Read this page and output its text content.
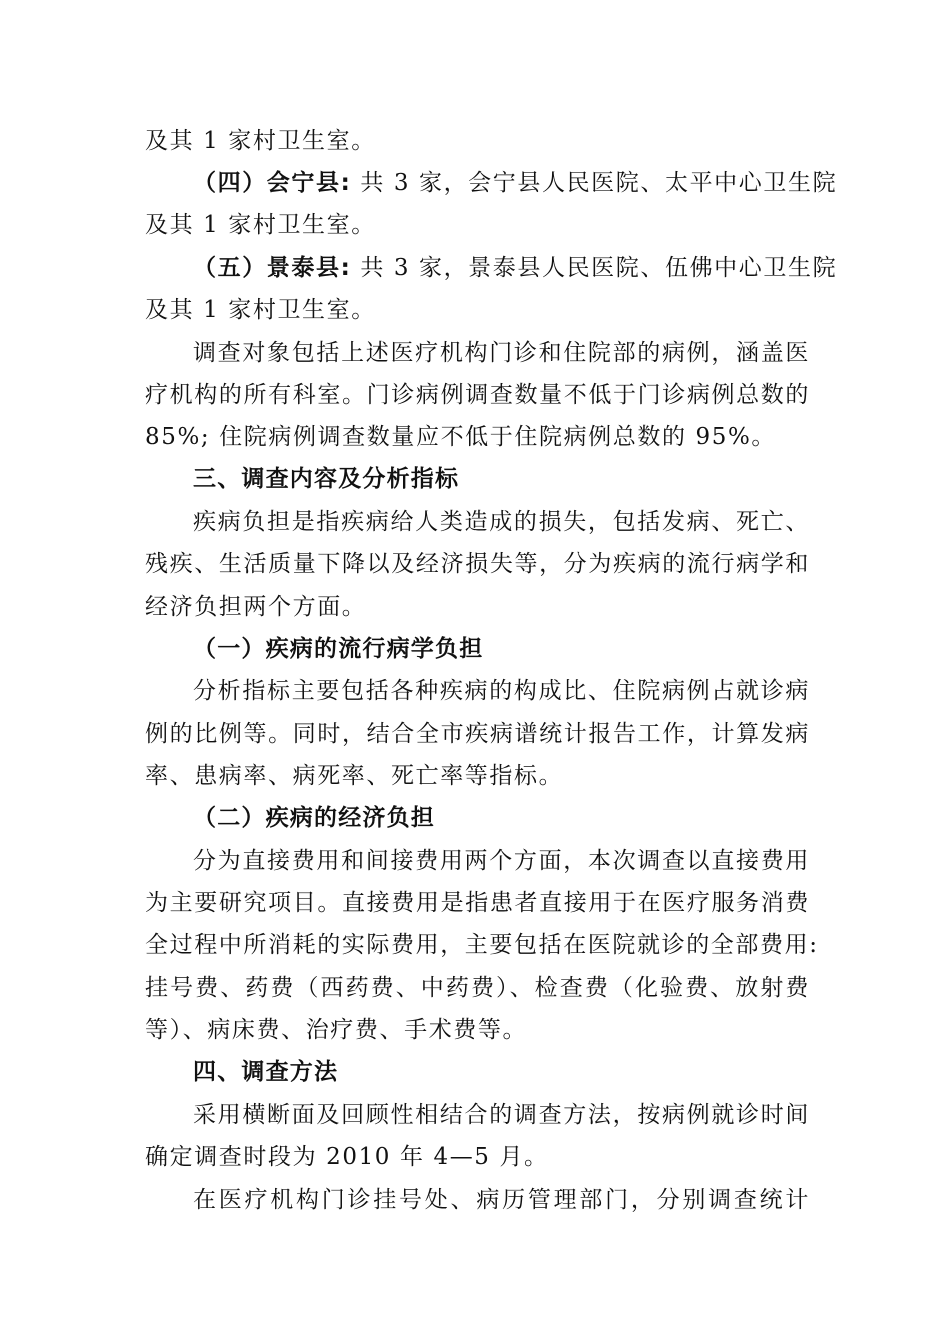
及其 1 家村卫生室。
（四）会宁县: 共 3 家，会宁县人民医院、太平中心卫生院
及其 1 家村卫生室。
（五）景泰县: 共 3 家，景泰县人民医院、伍佛中心卫生院
及其 1 家村卫生室。
调查对象包括上述医疗机构门诊和住院部的病例，涵盖医
疗机构的所有科室。门诊病例调查数量不低于门诊病例总数的
85%; 住院病例调查数量应不低于住院病例总数的 95%。
三、调查内容及分析指标
疾病负担是指疾病给人类造成的损失，包括发病、死亡、
残疾、生活质量下降以及经济损失等，分为疾病的流行病学和
经济负担两个方面。
（一）疾病的流行病学负担
分析指标主要包括各种疾病的构成比、住院病例占就诊病
例的比例等。同时，结合全市疾病谱统计报告工作，计算发病
率、患病率、病死率、死亡率等指标。
（二）疾病的经济负担
分为直接费用和间接费用两个方面，本次调查以直接费用
为主要研究项目。直接费用是指患者直接用于在医疗服务消费
全过程中所消耗的实际费用，主要包括在医院就诊的全部费用:
挂号费、药费（西药费、中药费）、检查费（化验费、放射费
等）、病床费、治疗费、手术费等。
四、调查方法
采用横断面及回顾性相结合的调查方法，按病例就诊时间
确定调查时段为 2010 年 4—5 月。
在医疗机构门诊挂号处、病历管理部门，分别调查统计
